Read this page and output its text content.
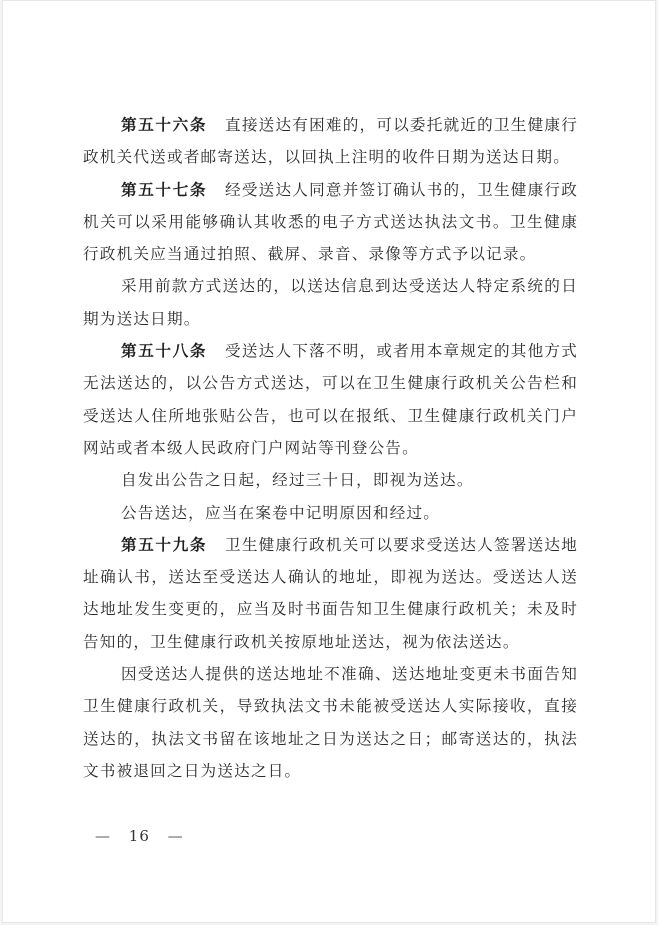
第五十六条 直接送达有困难的，可以委托就近的卫生健康行政机关代送或者邮寄送达，以回执上注明的收件日期为送达日期。

第五十七条 经受送达人同意并签订确认书的，卫生健康行政机关可以采用能够确认其收悉的电子方式送达执法文书。卫生健康行政机关应当通过拍照、截屏、录音、录像等方式予以记录。

采用前款方式送达的，以送达信息到达受送达人特定系统的日期为送达日期。

第五十八条 受送达人下落不明，或者用本章规定的其他方式无法送达的，以公告方式送达，可以在卫生健康行政机关公告栏和受送达人住所地张贴公告，也可以在报纸、卫生健康行政机关门户网站或者本级人民政府门户网站等刊登公告。

自发出公告之日起，经过三十日，即视为送达。

公告送达，应当在案卷中记明原因和经过。

第五十九条 卫生健康行政机关可以要求受送达人签署送达地址确认书，送达至受送达人确认的地址，即视为送达。受送达人送达地址发生变更的，应当及时书面告知卫生健康行政机关；未及时告知的，卫生健康行政机关按原地址送达，视为依法送达。

因受送达人提供的送达地址不准确、送达地址变更未书面告知卫生健康行政机关，导致执法文书未能被受送达人实际接收，直接送达的，执法文书留在该地址之日为送达之日；邮寄送达的，执法文书被退回之日为送达之日。

— 16 —
